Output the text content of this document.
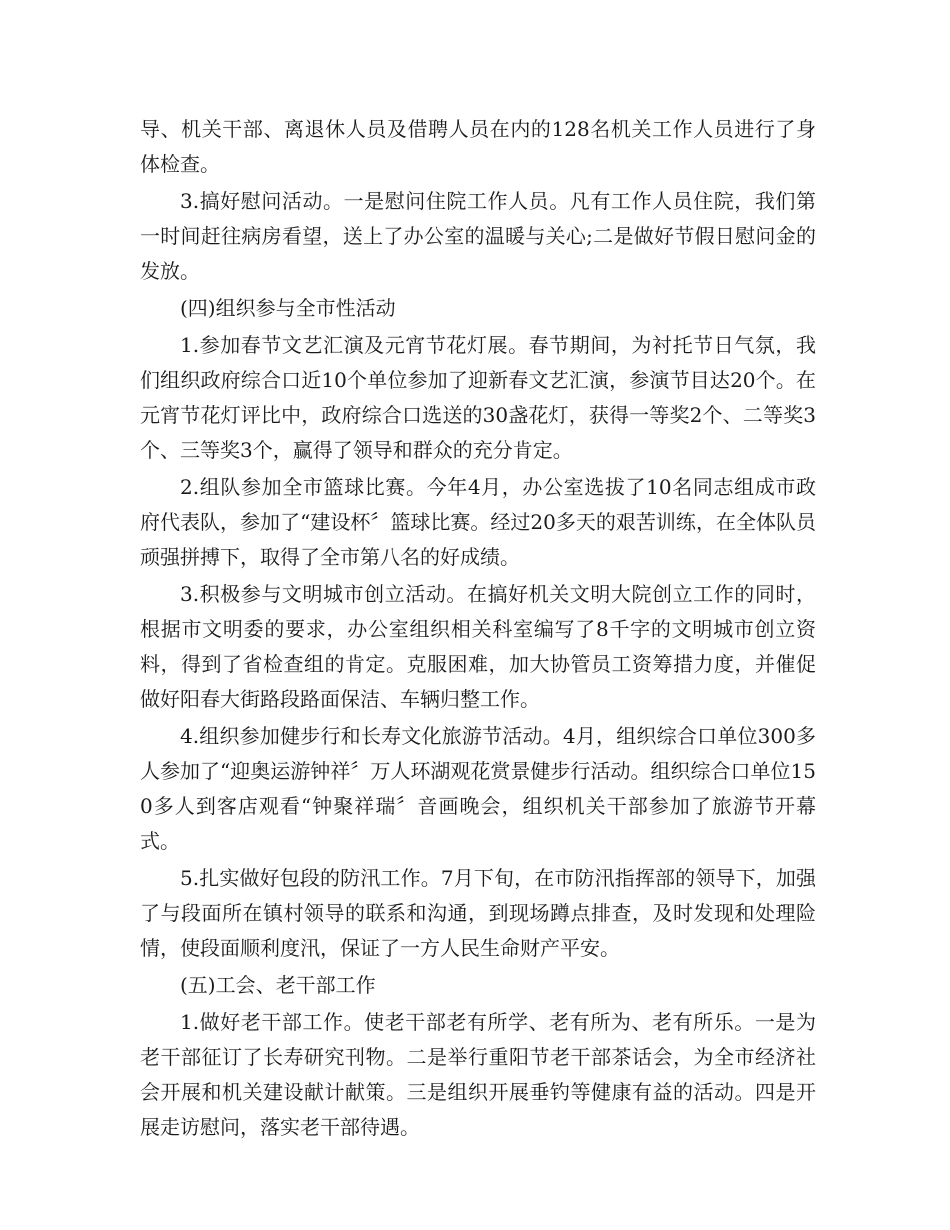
导、机关干部、离退休人员及借聘人员在内的128名机关工作人员进行了身体检查。

3.搞好慰问活动。一是慰问住院工作人员。凡有工作人员住院，我们第一时间赶往病房看望，送上了办公室的温暖与关心;二是做好节假日慰问金的发放。

(四)组织参与全市性活动

1.参加春节文艺汇演及元宵节花灯展。春节期间，为衬托节日气氛，我们组织政府综合口近10个单位参加了迎新春文艺汇演，参演节目达20个。在元宵节花灯评比中，政府综合口选送的30盏花灯，获得一等奖2个、二等奖3个、三等奖3个，赢得了领导和群众的充分肯定。

2.组队参加全市篮球比赛。今年4月，办公室选拔了10名同志组成市政府代表队，参加了“建设杯〞篮球比赛。经过20多天的艰苦训练，在全体队员顽强拼搏下，取得了全市第八名的好成绩。

3.积极参与文明城市创立活动。在搞好机关文明大院创立工作的同时，根据市文明委的要求，办公室组织相关科室编写了8千字的文明城市创立资料，得到了省检查组的肯定。克服困难，加大协管员工资筹措力度，并催促做好阳春大街路段路面保洁、车辆归整工作。

4.组织参加健步行和长寿文化旅游节活动。4月，组织综合口单位300多人参加了“迎奥运游钟祥〞万人环湖观花赏景健步行活动。组织综合口单位150多人到客店观看“钟聚祥瑞〞音画晚会，组织机关干部参加了旅游节开幕式。

5.扎实做好包段的防汛工作。7月下旬，在市防汛指挥部的领导下，加强了与段面所在镇村领导的联系和沟通，到现场蹲点排查，及时发现和处理险情，使段面顺利度汛，保证了一方人民生命财产平安。

(五)工会、老干部工作

1.做好老干部工作。使老干部老有所学、老有所为、老有所乐。一是为老干部征订了长寿研究刊物。二是举行重阳节老干部茶话会，为全市经济社会开展和机关建设献计献策。三是组织开展垂钓等健康有益的活动。四是开展走访慰问，落实老干部待遇。
